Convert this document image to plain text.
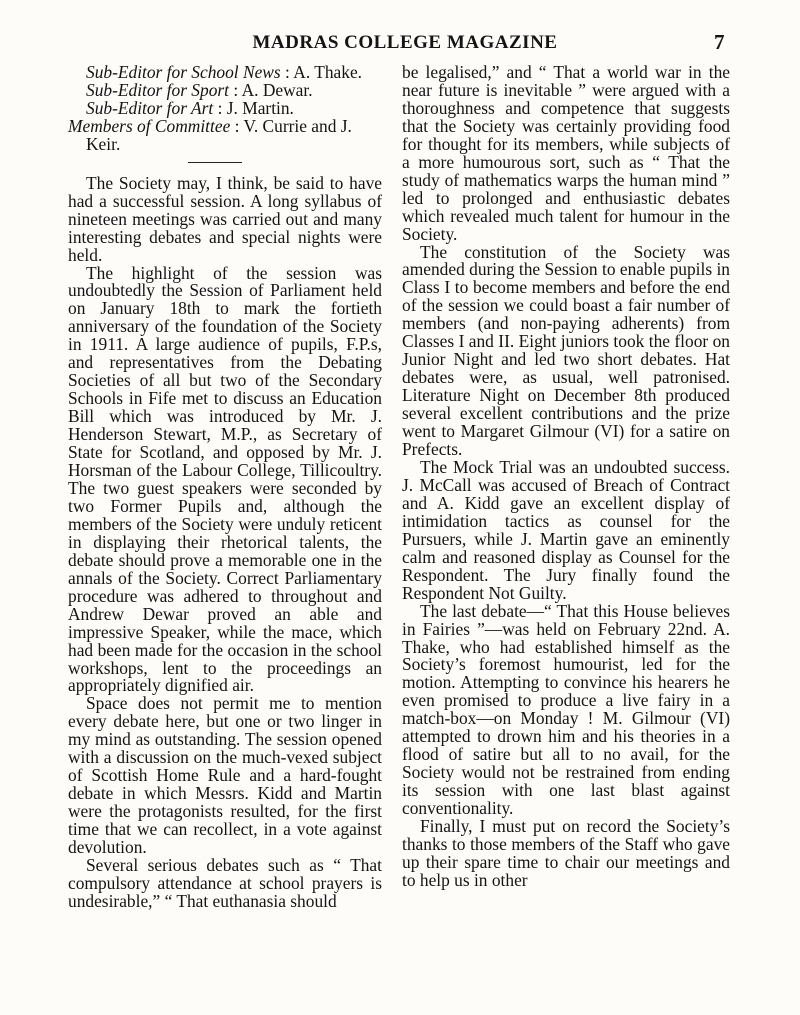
MADRAS COLLEGE MAGAZINE	7

Sub-Editor for School News : A. Thake.

Sub-Editor for Sport : A. Dewar.

Sub-Editor for Art : J. Martin.

Members of Committee : V. Currie and J. Keir.

The Society may, I think, be said to have had a successful session. A long syllabus of nineteen meetings was carried out and many interesting debates and special nights were held.

The highlight of the session was undoubtedly the Session of Parliament held on January 18th to mark the fortieth anniversary of the foundation of the Society in 1911. A large audience of pupils, F.P.s, and representatives from the Debating Societies of all but two of the Secondary Schools in Fife met to discuss an Education Bill which was introduced by Mr. J. Henderson Stewart, M.P., as Secretary of State for Scotland, and opposed by Mr. J. Horsman of the Labour College, Tillicoultry. The two guest speakers were seconded by two Former Pupils and, although the members of the Society were unduly reticent in displaying their rhetorical talents, the debate should prove a memorable one in the annals of the Society. Correct Parliamentary procedure was adhered to throughout and Andrew Dewar proved an able and impressive Speaker, while the mace, which had been made for the occasion in the school workshops, lent to the proceedings an appropriately dignified air.

Space does not permit me to mention every debate here, but one or two linger in my mind as outstanding. The session opened with a discussion on the much-vexed subject of Scottish Home Rule and a hard-fought debate in which Messrs. Kidd and Martin were the protagonists resulted, for the first time that we can recollect, in a vote against devolution.

Several serious debates such as “ That compulsory attendance at school prayers is undesirable,” “ That euthanasia should

be legalised,” and “ That a world war in the near future is inevitable ” were argued with a thoroughness and competence that suggests that the Society was certainly providing food for thought for its members, while subjects of a more humourous sort, such as “ That the study of mathematics warps the human mind ” led to prolonged and enthusiastic debates which revealed much talent for humour in the Society.

The constitution of the Society was amended during the Session to enable pupils in Class I to become members and before the end of the session we could boast a fair number of members (and non-paying adherents) from Classes I and II. Eight juniors took the floor on Junior Night and led two short debates. Hat debates were, as usual, well patronised. Literature Night on December 8th produced several excellent contributions and the prize went to Margaret Gilmour (VI) for a satire on Prefects.

The Mock Trial was an undoubted success. J. McCall was accused of Breach of Contract and A. Kidd gave an excellent display of intimidation tactics as counsel for the Pursuers, while J. Martin gave an eminently calm and reasoned display as Counsel for the Respondent. The Jury finally found the Respondent Not Guilty.

The last debate—“ That this House believes in Fairies ”—was held on February 22nd. A. Thake, who had established himself as the Society’s foremost humourist, led for the motion. Attempting to convince his hearers he even promised to produce a live fairy in a match-box—on Monday ! M. Gilmour (VI) attempted to drown him and his theories in a flood of satire but all to no avail, for the Society would not be restrained from ending its session with one last blast against conventionality.

Finally, I must put on record the Society’s thanks to those members of the Staff who gave up their spare time to chair our meetings and to help us in other
